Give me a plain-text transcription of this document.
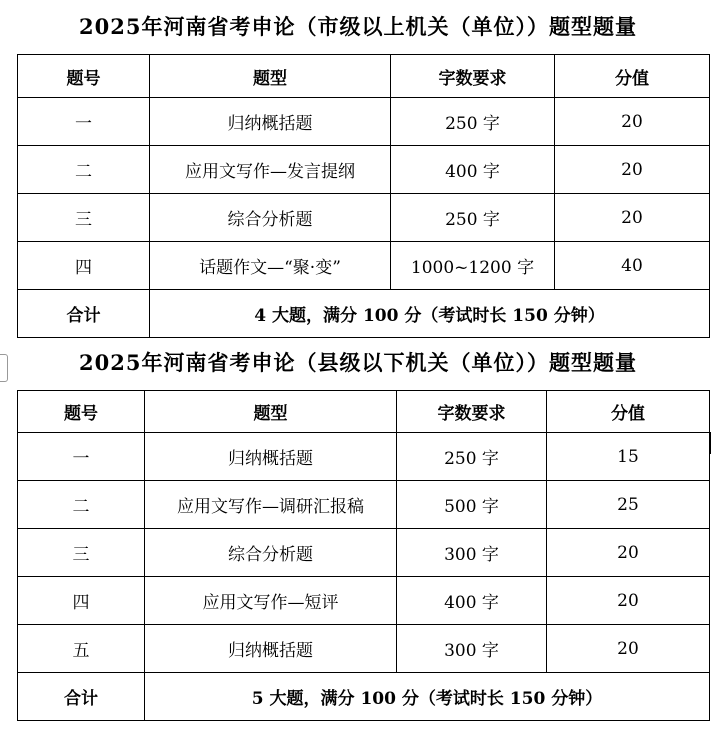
2025年河南省考申论（市级以上机关（单位））题型题量
题号	题型	字数要求	分值
一	归纳概括题	250 字	20
二	应用文写作—发言提纲	400 字	20
三	综合分析题	250 字	20
四	话题作文—“聚·变”	1000~1200 字	40
合计	4 大题，满分 100 分（考试时长 150 分钟）		
2025年河南省考申论（县级以下机关（单位））题型题量
题号	题型	字数要求	分值
一	归纳概括题	250 字	15
二	应用文写作—调研汇报稿	500 字	25
三	综合分析题	300 字	20
四	应用文写作—短评	400 字	20
五	归纳概括题	300 字	20
合计	5 大题，满分 100 分（考试时长 150 分钟）		
